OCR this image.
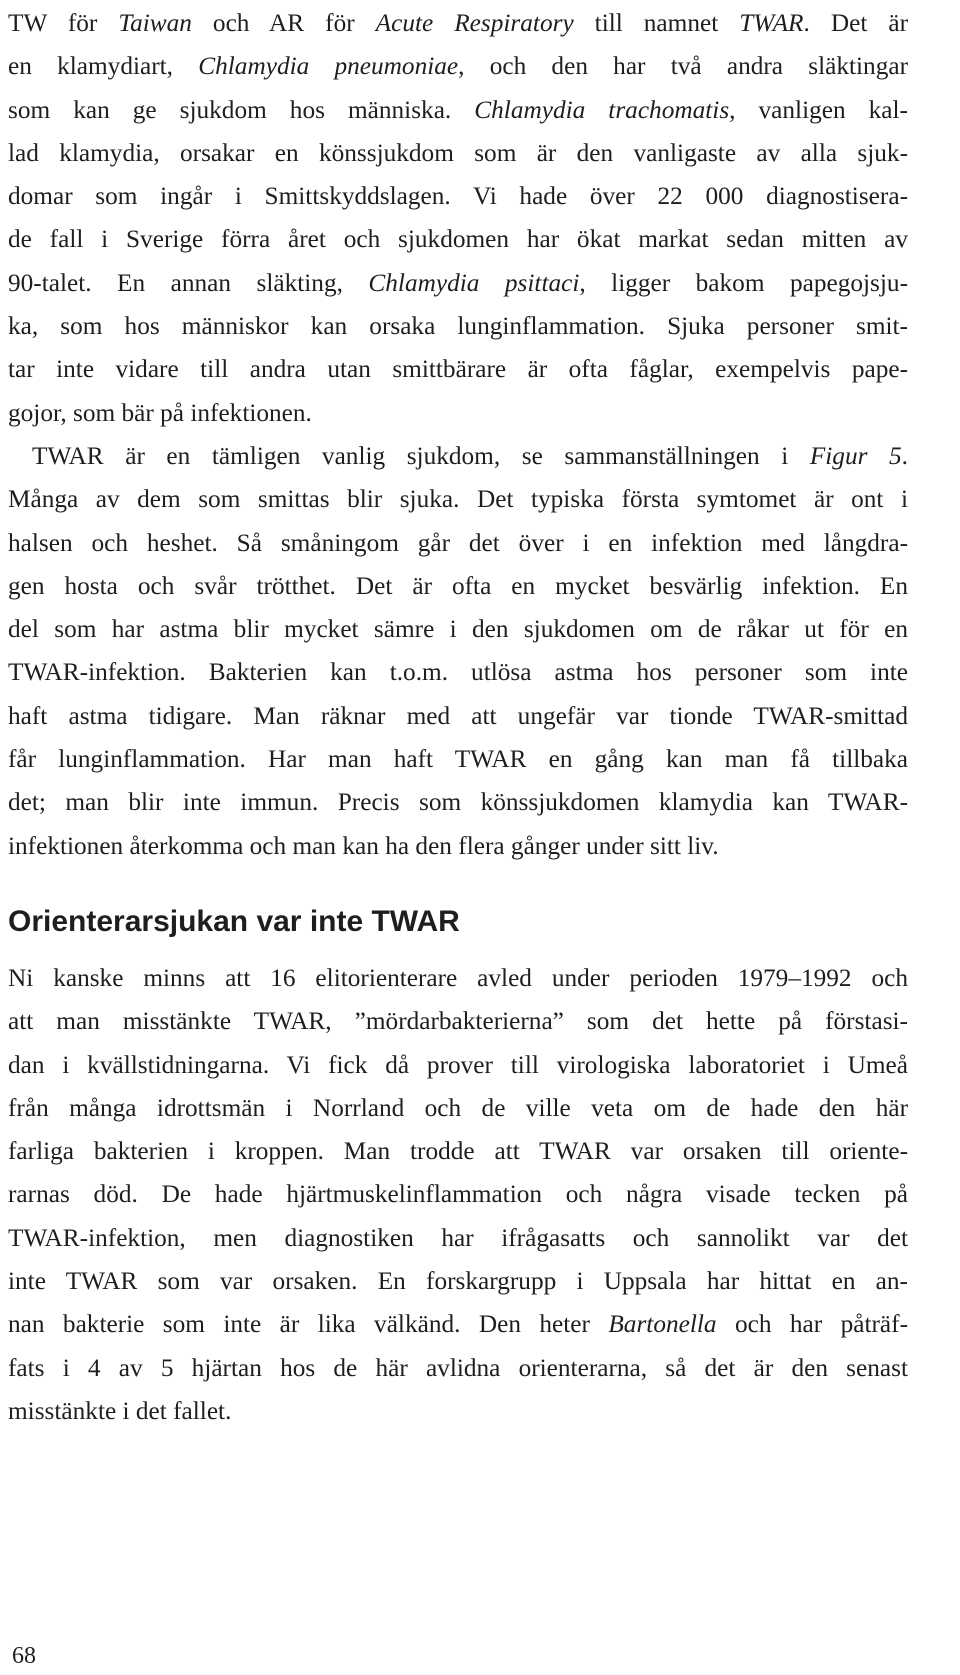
TW för Taiwan och AR för Acute Respiratory till namnet TWAR. Det är
en klamydiart, Chlamydia pneumoniae, och den har två andra släktingar
som kan ge sjukdom hos människa. Chlamydia trachomatis, vanligen kal-
lad klamydia, orsakar en könssjukdom som är den vanligaste av alla sjuk-
domar som ingår i Smittskyddslagen. Vi hade över 22 000 diagnostisera-
de fall i Sverige förra året och sjukdomen har ökat markat sedan mitten av
90-talet. En annan släkting, Chlamydia psittaci, ligger bakom papegojsju-
ka, som hos människor kan orsaka lunginflammation. Sjuka personer smit-
tar inte vidare till andra utan smittbärare är ofta fåglar, exempelvis pape-
gojor, som bär på infektionen.
TWAR är en tämligen vanlig sjukdom, se sammanställningen i Figur 5.
Många av dem som smittas blir sjuka. Det typiska första symtomet är ont i
halsen och heshet. Så småningom går det över i en infektion med långdra-
gen hosta och svår trötthet. Det är ofta en mycket besvärlig infektion. En
del som har astma blir mycket sämre i den sjukdomen om de råkar ut för en
TWAR-infektion. Bakterien kan t.o.m. utlösa astma hos personer som inte
haft astma tidigare. Man räknar med att ungefär var tionde TWAR-smittad
får lunginflammation. Har man haft TWAR en gång kan man få tillbaka
det; man blir inte immun. Precis som könssjukdomen klamydia kan TWAR-
infektionen återkomma och man kan ha den flera gånger under sitt liv.
Orienterarsjukan var inte TWAR
Ni kanske minns att 16 elitorienterare avled under perioden 1979–1992 och
att man misstänkte TWAR, ”mördarbakterierna” som det hette på förstasi-
dan i kvällstidningarna. Vi fick då prover till virologiska laboratoriet i Umeå
från många idrottsmän i Norrland och de ville veta om de hade den här
farliga bakterien i kroppen. Man trodde att TWAR var orsaken till oriente-
rarnas död. De hade hjärtmuskelinflammation och några visade tecken på
TWAR-infektion, men diagnostiken har ifrågasatts och sannolikt var det
inte TWAR som var orsaken. En forskargrupp i Uppsala har hittat en an-
nan bakterie som inte är lika välkänd. Den heter Bartonella och har påträf-
fats i 4 av 5 hjärtan hos de här avlidna orienterarna, så det är den senast
misstänkte i det fallet.
68
